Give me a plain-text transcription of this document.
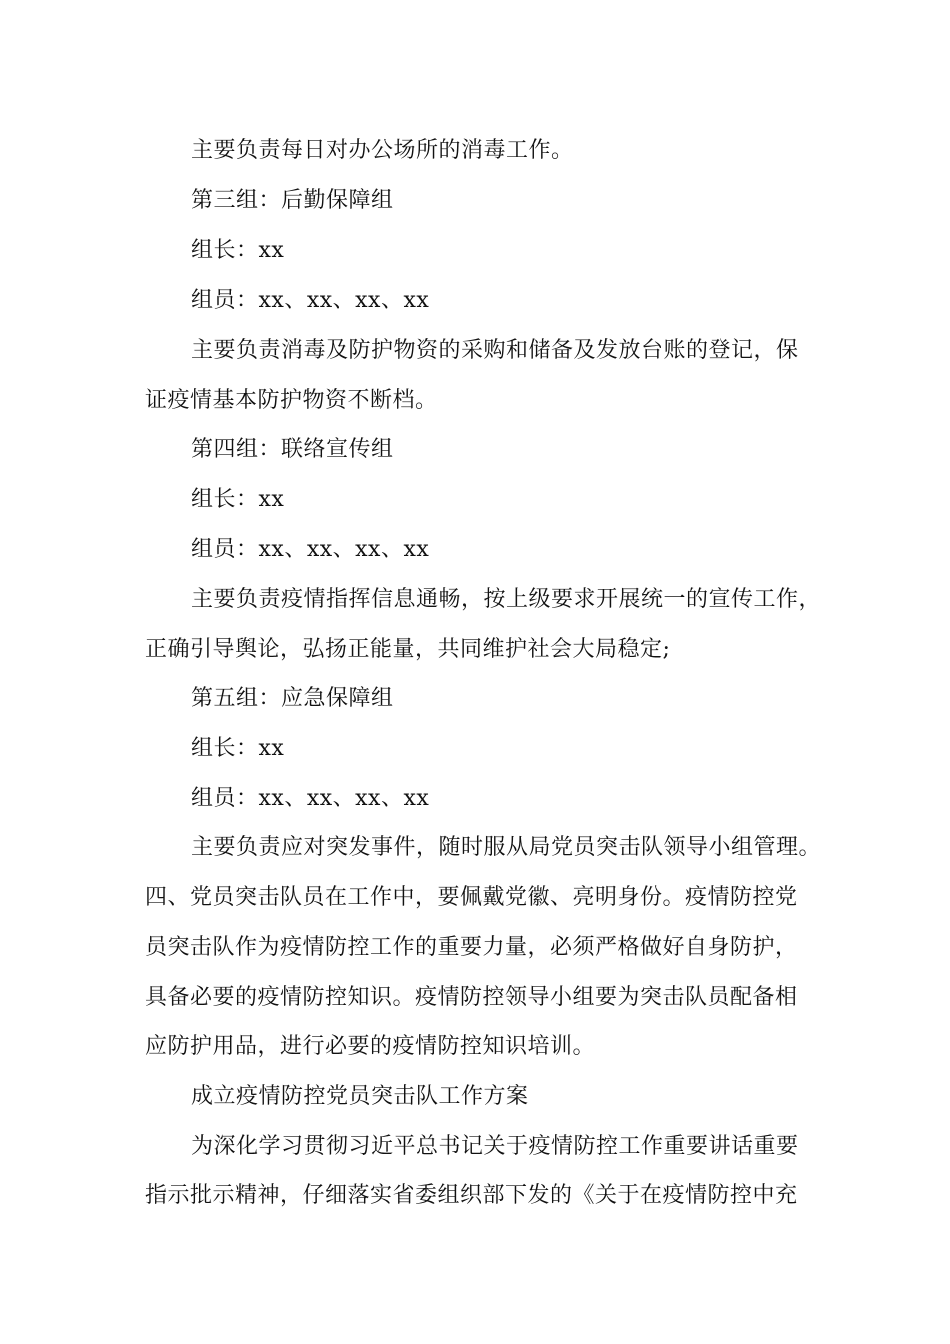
主要负责每日对办公场所的消毒工作。
第三组：后勤保障组
组长：xx
组员：xx、xx、xx、xx
主要负责消毒及防护物资的采购和储备及发放台账的登记，保
证疫情基本防护物资不断档。
第四组：联络宣传组
组长：xx
组员：xx、xx、xx、xx
主要负责疫情指挥信息通畅，按上级要求开展统一的宣传工作，
正确引导舆论，弘扬正能量，共同维护社会大局稳定;
第五组：应急保障组
组长：xx
组员：xx、xx、xx、xx
主要负责应对突发事件，随时服从局党员突击队领导小组管理。
四、党员突击队员在工作中，要佩戴党徽、亮明身份。疫情防控党
员突击队作为疫情防控工作的重要力量，必须严格做好自身防护，
具备必要的疫情防控知识。疫情防控领导小组要为突击队员配备相
应防护用品，进行必要的疫情防控知识培训。
成立疫情防控党员突击队工作方案
为深化学习贯彻习近平总书记关于疫情防控工作重要讲话重要
指示批示精神，仔细落实省委组织部下发的《关于在疫情防控中充
